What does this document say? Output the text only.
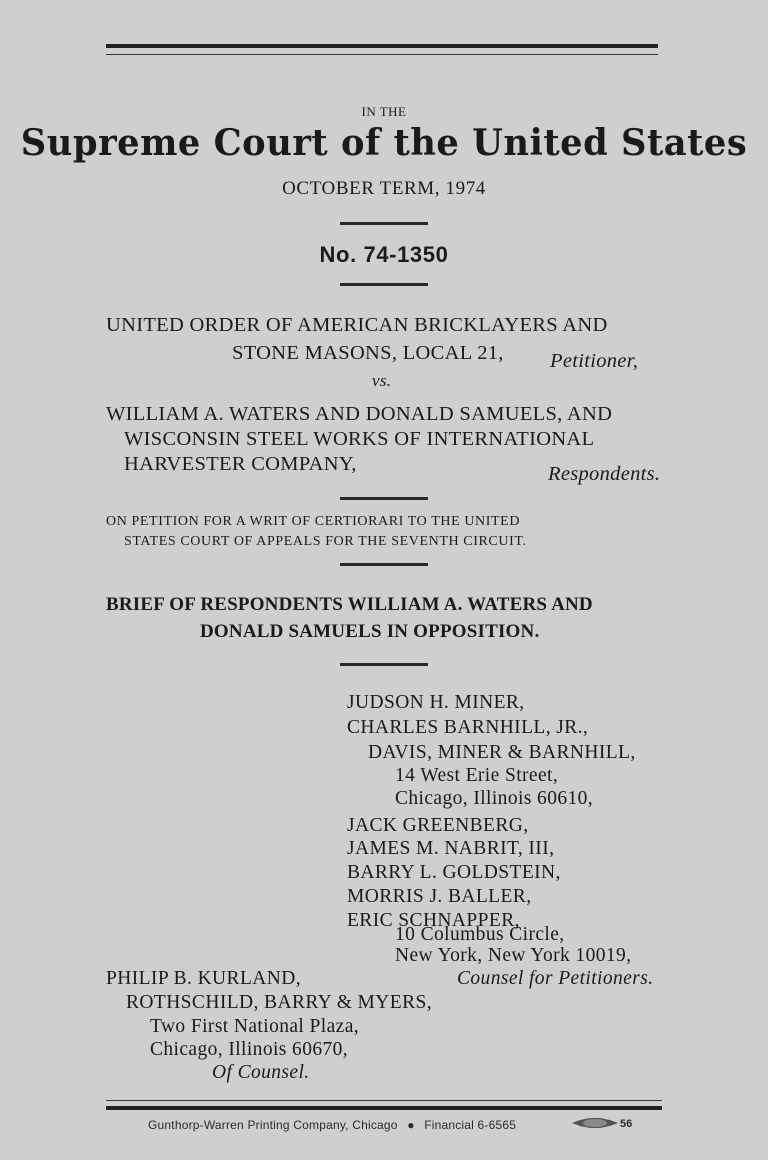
IN THE
Supreme Court of the United States
OCTOBER TERM, 1974
No. 74-1350
UNITED ORDER OF AMERICAN BRICKLAYERS AND
STONE MASONS, LOCAL 21, Petitioner,
vs.
WILLIAM A. WATERS AND DONALD SAMUELS, AND
WISCONSIN STEEL WORKS OF INTERNATIONAL
HARVESTER COMPANY,	Respondents.
ON PETITION FOR A WRIT OF CERTIORARI TO THE UNITED
STATES COURT OF APPEALS FOR THE SEVENTH CIRCUIT.
BRIEF OF RESPONDENTS WILLIAM A. WATERS AND
DONALD SAMUELS IN OPPOSITION.
JUDSON H. MINER,
CHARLES BARNHILL, JR.,
DAVIS, MINER & BARNHILL,
14 West Erie Street,
Chicago, Illinois 60610,
JACK GREENBERG,
JAMES M. NABRIT, III,
BARRY L. GOLDSTEIN,
MORRIS J. BALLER,
ERIC SCHNAPPER,
10 Columbus Circle,
New York, New York 10019,
Counsel for Petitioners.
PHILIP B. KURLAND,
ROTHSCHILD, BARRY & MYERS,
Two First National Plaza,
Chicago, Illinois 60670,
Of Counsel.
Gunthorp-Warren Printing Company, Chicago ● Financial 6-6565	56
